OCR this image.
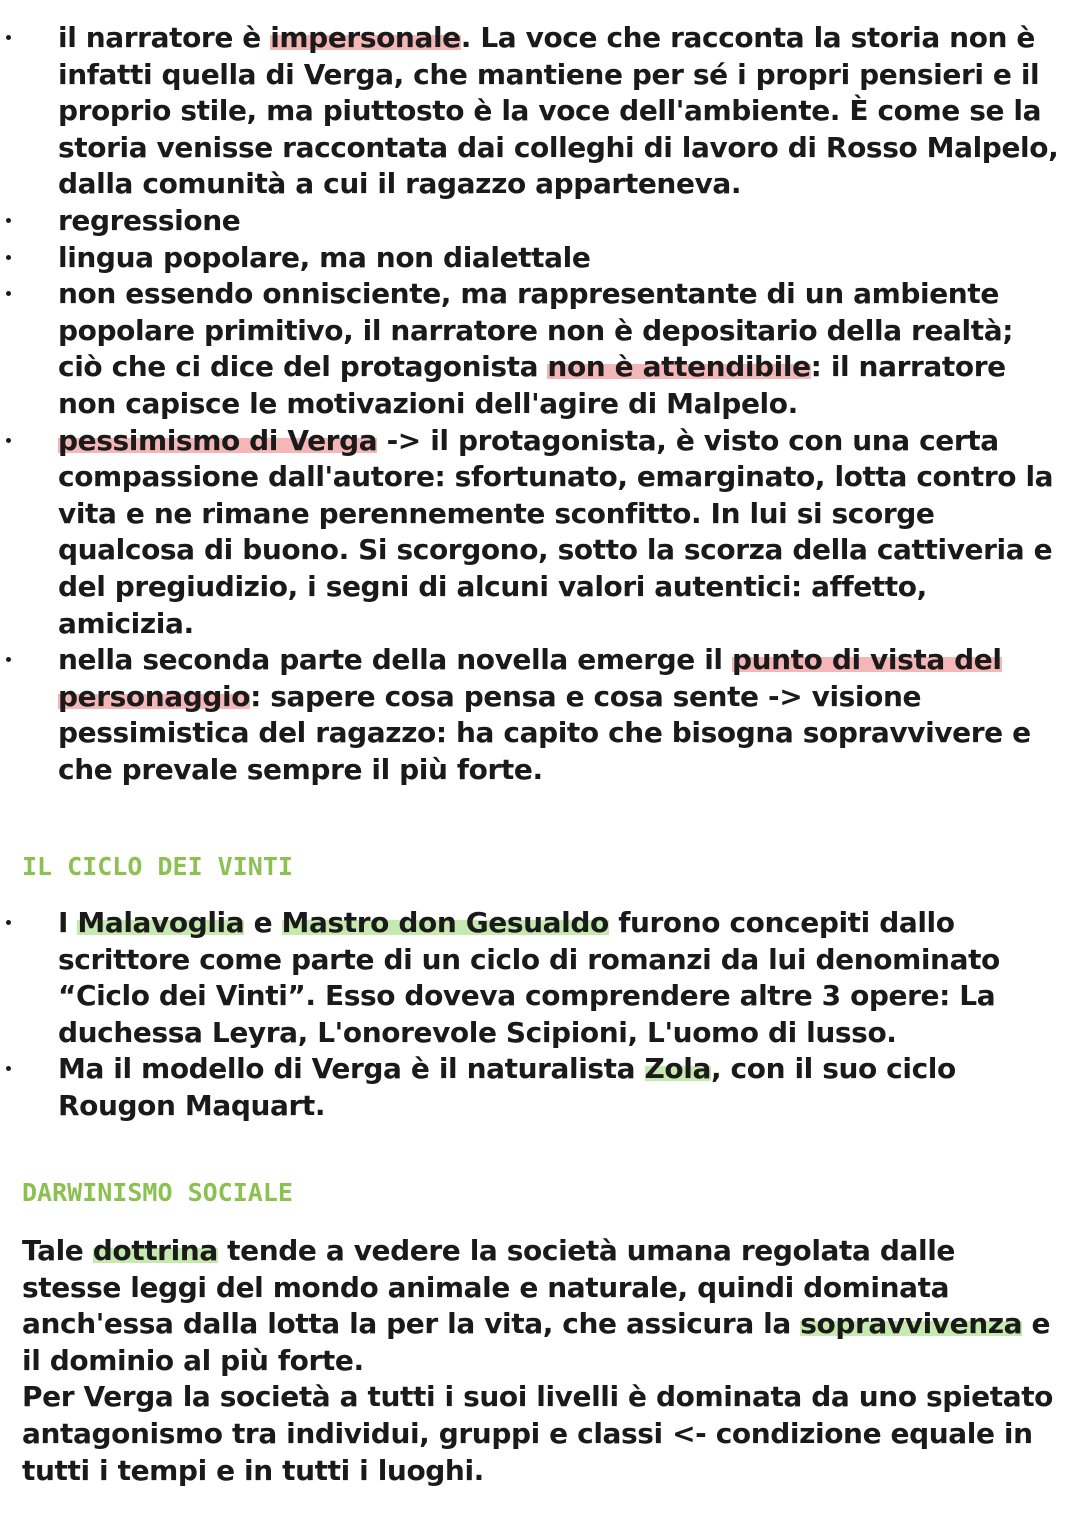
il narratore è impersonale. La voce che racconta la storia non è infatti quella di Verga, che mantiene per sé i propri pensieri e il proprio stile, ma piuttosto è la voce dell'ambiente. È come se la storia venisse raccontata dai colleghi di lavoro di Rosso Malpelo, dalla comunità a cui il ragazzo apparteneva.
regressione
lingua popolare, ma non dialettale
non essendo onnisciente, ma rappresentante di un ambiente popolare primitivo, il narratore non è depositario della realtà; ciò che ci dice del protagonista non è attendibile: il narratore non capisce le motivazioni dell'agire di Malpelo.
pessimismo di Verga -> il protagonista, è visto con una certa compassione dall'autore: sfortunato, emarginato, lotta contro la vita e ne rimane perennemente sconfitto. In lui si scorge qualcosa di buono. Si scorgono, sotto la scorza della cattiveria e del pregiudizio, i segni di alcuni valori autentici: affetto, amicizia.
nella seconda parte della novella emerge il punto di vista del personaggio: sapere cosa pensa e cosa sente -> visione pessimistica del ragazzo: ha capito che bisogna sopravvivere e che prevale sempre il più forte.
IL CICLO DEI VINTI
I Malavoglia e Mastro don Gesualdo furono concepiti dallo scrittore come parte di un ciclo di romanzi da lui denominato “Ciclo dei Vinti”. Esso doveva comprendere altre 3 opere: La duchessa Leyra, L'onorevole Scipioni, L'uomo di lusso.
Ma il modello di Verga è il naturalista Zola, con il suo ciclo Rougon Maquart.
DARWINISMO SOCIALE
Tale dottrina tende a vedere la società umana regolata dalle stesse leggi del mondo animale e naturale, quindi dominata anch'essa dalla lotta la per la vita, che assicura la sopravvivenza e il dominio al più forte.
Per Verga la società a tutti i suoi livelli è dominata da uno spietato antagonismo tra individui, gruppi e classi <- condizione equale in tutti i tempi e in tutti i luoghi.
